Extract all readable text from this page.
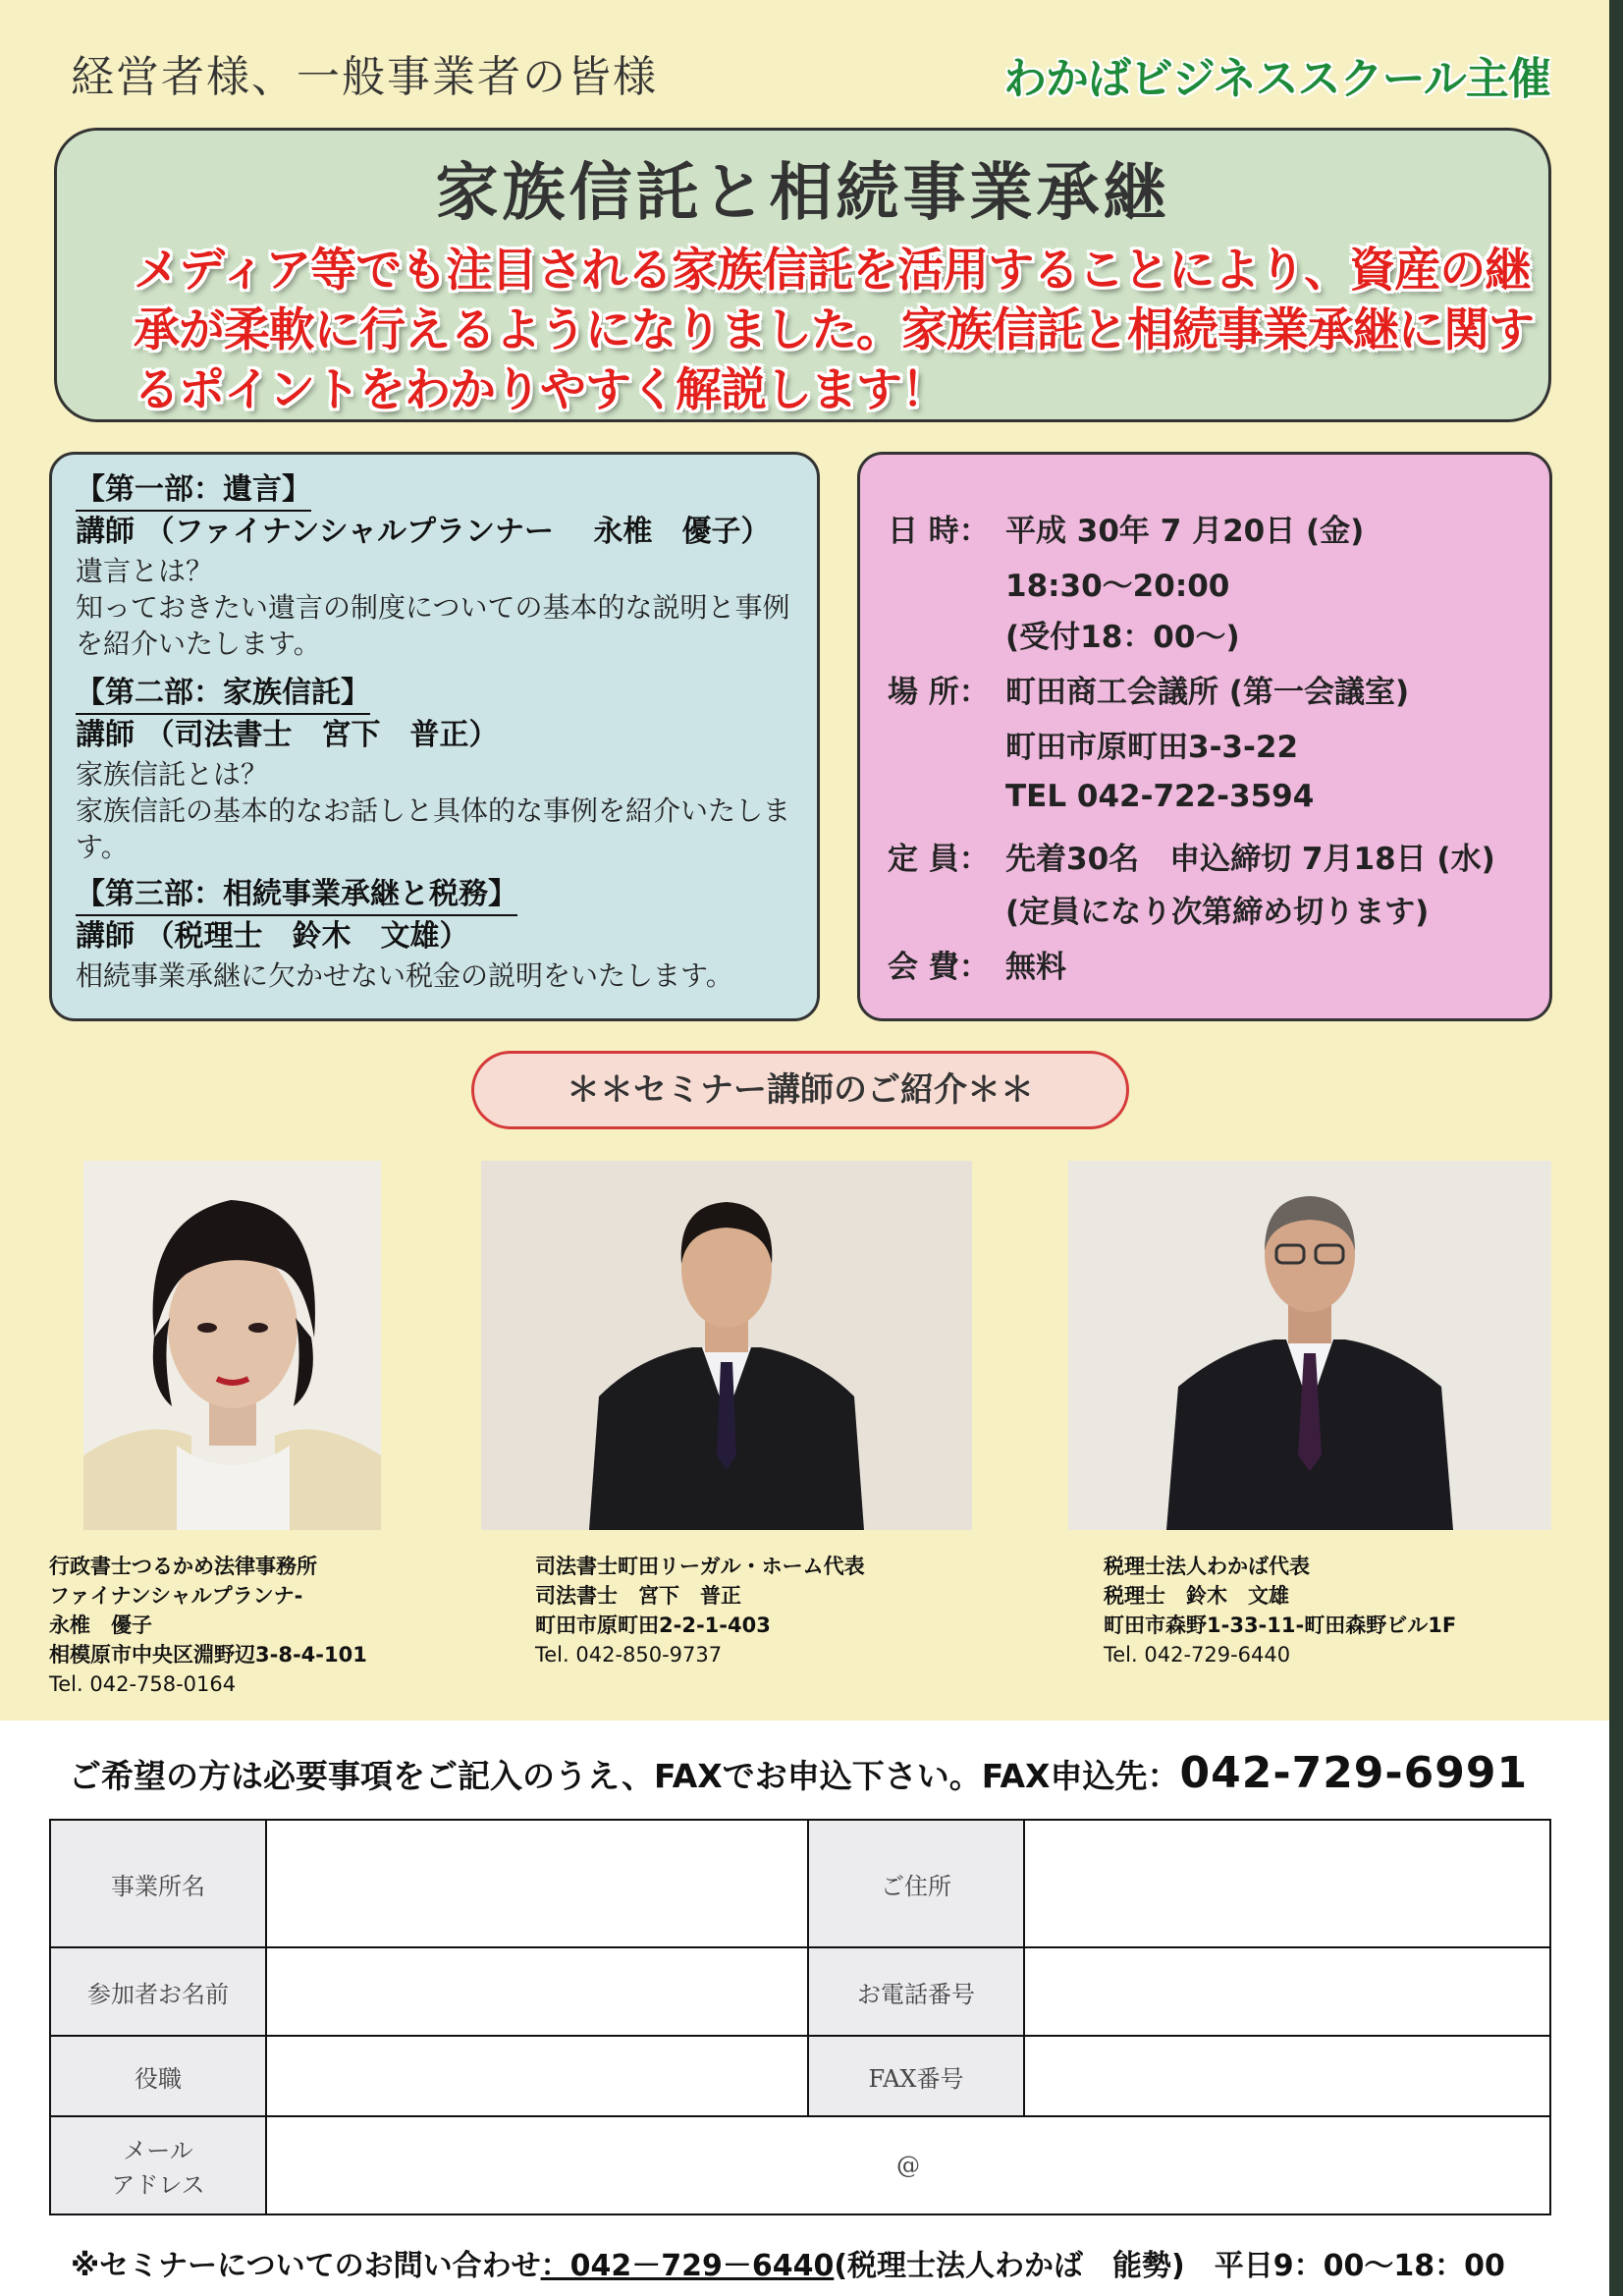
経営者様、一般事業者の皆様	わかばビジネススクール主催
家族信託と相続事業承継
メディア等でも注目される家族信託を活用することにより、資産の継承が柔軟に行えるようになりました。家族信託と相続事業承継に関するポイントをわかりやすく解説します！
【第一部：遺言】
講師 （ファイナンシャルプランナー　 永椎　優子）
遺言とは？
知っておきたい遺言の制度についての基本的な説明と事例を紹介いたします。
【第二部：家族信託】
講師 （司法書士　宮下　普正）
家族信託とは？
家族信託の基本的なお話しと具体的な事例を紹介いたします。
【第三部：相続事業承継と税務】
講師 （税理士　鈴木　文雄）
相続事業承継に欠かせない税金の説明をいたします。
日 時： 平成 30年 7 月20日 (金)
18:30～20:00
(受付18：00～)
場 所： 町田商工会議所 (第一会議室)
町田市原町田3-3-22
TEL 042-722-3594
定 員： 先着30名　申込締切 7月18日 (水)
(定員になり次第締め切ります)
会 費： 無料
＊＊セミナー講師のご紹介＊＊
行政書士つるかめ法律事務所
ファイナンシャルプランナ-
永椎　優子
相模原市中央区淵野辺3-8-4-101
Tel. 042-758-0164
司法書士町田リーガル・ホーム代表
司法書士　宮下　普正
町田市原町田2-2-1-403
Tel. 042-850-9737
税理士法人わかば代表
税理士　鈴木　文雄
町田市森野1-33-11-町田森野ビル1F
Tel. 042-729-6440
ご希望の方は必要事項をご記入のうえ、FAXでお申込下さい。FAX申込先：042-729-6991
事業所名		ご住所	
参加者お名前		お電話番号	
役職		FAX番号	

メール
アドレス	@		
※セミナーについてのお問い合わせ：042－729－6440(税理士法人わかば　能勢)　平日9：00～18：00
